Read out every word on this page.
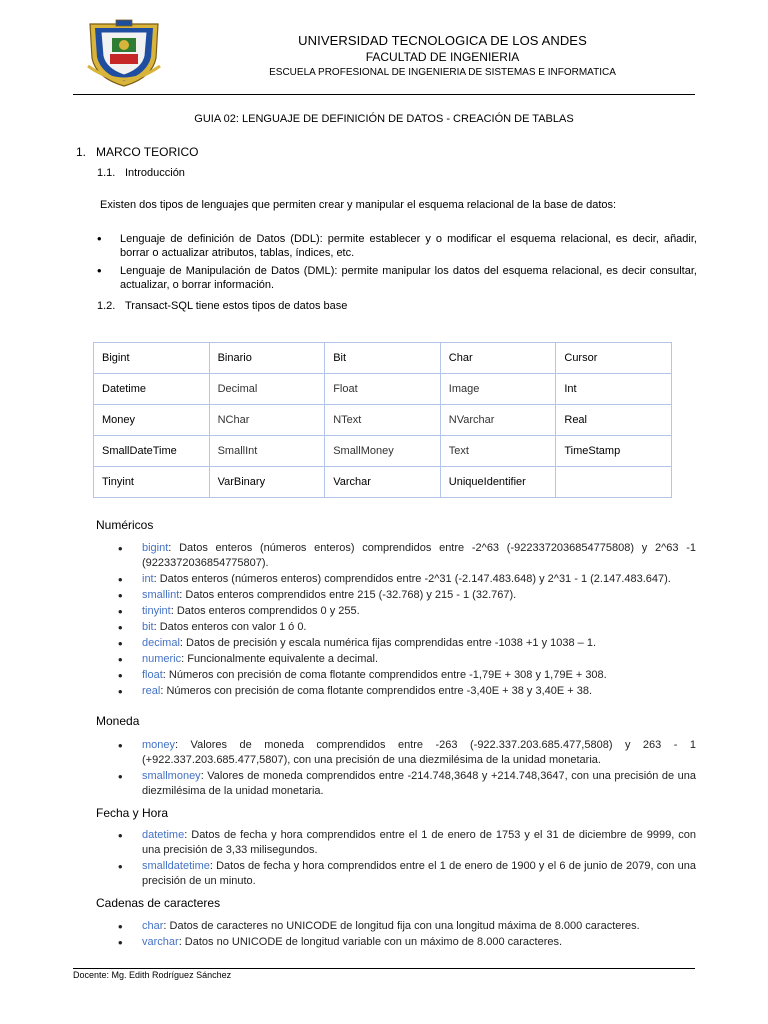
UNIVERSIDAD TECNOLOGICA DE LOS ANDES
FACULTAD DE INGENIERIA
ESCUELA PROFESIONAL DE INGENIERIA DE SISTEMAS E INFORMATICA
GUIA 02: LENGUAJE DE DEFINICIÓN DE DATOS - CREACIÓN DE TABLAS
1. MARCO TEORICO
1.1. Introducción
Existen dos tipos de lenguajes que permiten crear y manipular el esquema relacional de la base de datos:
• Lenguaje de definición de Datos (DDL): permite establecer y o modificar el esquema relacional, es decir, añadir, borrar o actualizar atributos, tablas, índices, etc.
• Lenguaje de Manipulación de Datos (DML): permite manipular los datos del esquema relacional, es decir consultar, actualizar, o borrar información.
1.2. Transact-SQL tiene estos tipos de datos base
Bigint	Binario	Bit	Char	Cursor
Datetime	Decimal	Float	Image	Int
Money	NChar	NText	NVarchar	Real
SmallDateTime	SmallInt	SmallMoney	Text	TimeStamp
Tinyint	VarBinary	Varchar	UniqueIdentifier	
Numéricos
• bigint: Datos enteros (números enteros) comprendidos entre -2^63 (-9223372036854775808) y 2^63 -1 (9223372036854775807).
• int: Datos enteros (números enteros) comprendidos entre -2^31 (-2.147.483.648) y 2^31 - 1 (2.147.483.647).
• smallint: Datos enteros comprendidos entre 215 (-32.768) y 215 - 1 (32.767).
• tinyint: Datos enteros comprendidos 0 y 255.
• bit: Datos enteros con valor 1 ó 0.
• decimal: Datos de precisión y escala numérica fijas comprendidas entre -1038 +1 y 1038 – 1.
• numeric: Funcionalmente equivalente a decimal.
• float: Números con precisión de coma flotante comprendidos entre -1,79E + 308 y 1,79E + 308.
• real: Números con precisión de coma flotante comprendidos entre -3,40E + 38 y 3,40E + 38.
Moneda
• money: Valores de moneda comprendidos entre -263 (-922.337.203.685.477,5808) y 263 - 1 (+922.337.203.685.477,5807), con una precisión de una diezmilésima de la unidad monetaria.
• smallmoney: Valores de moneda comprendidos entre -214.748,3648 y +214.748,3647, con una precisión de una diezmilésima de la unidad monetaria.
Fecha y Hora
• datetime: Datos de fecha y hora comprendidos entre el 1 de enero de 1753 y el 31 de diciembre de 9999, con una precisión de 3,33 milisegundos.
• smalldatetime: Datos de fecha y hora comprendidos entre el 1 de enero de 1900 y el 6 de junio de 2079, con una precisión de un minuto.
Cadenas de caracteres
• char: Datos de caracteres no UNICODE de longitud fija con una longitud máxima de 8.000 caracteres.
• varchar: Datos no UNICODE de longitud variable con un máximo de 8.000 caracteres.
Docente: Mg. Edith Rodríguez Sánchez
